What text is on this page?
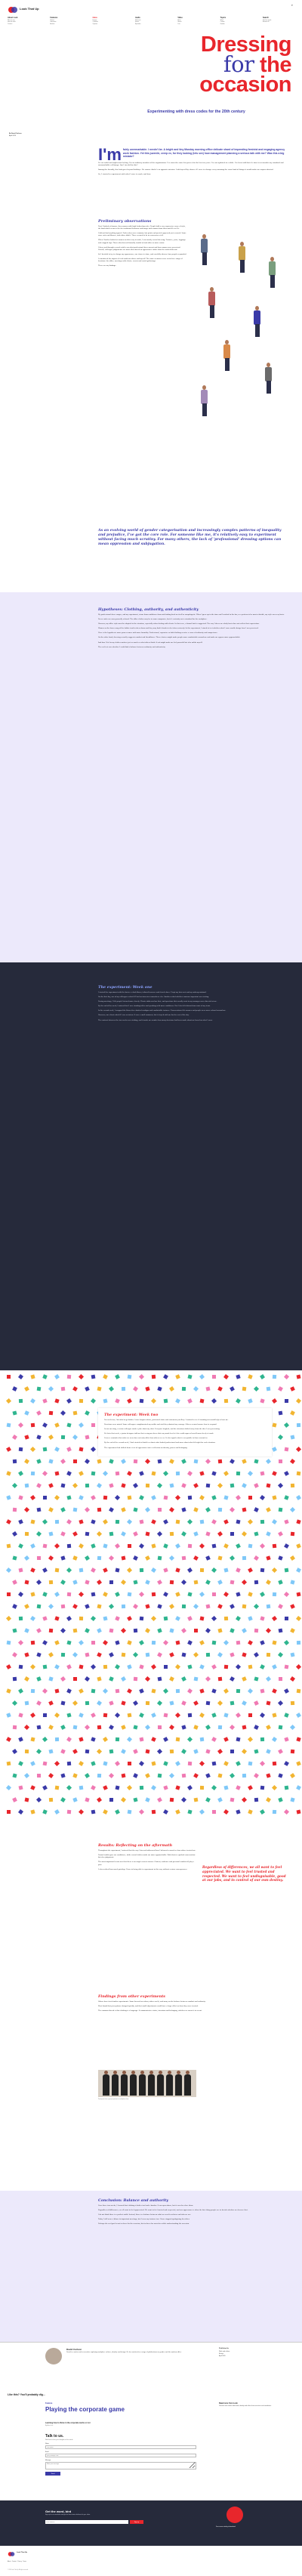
Look That Up
⌕
About Look
Who we are
How we work
Contact
Features
Stories
Interviews
Archive
Ideas
Essays
Columns
Opinion
Audio
Podcasts
Series
Episodes
Video
Films
Shorts
Live
Topics
Work
Culture
Gender
Search
Find an article
Browse all
Dressing
for the
occasion
Experimenting with dress codes for the 20th century
By David Carlson
April 2020
I'm fairly unremarkable. I needn't be. A bright and tiny Monday morning office delicate shard of impending feminist and engaging agency work fashion. Yet this juvenile, creep ex, for they looking (lets see) how management planning a serious talk with me? Was this a big mistake?

It's an awful and unpleasant feeling. I'm an ordinary member of the organization. I've worn the same few pieces for the last ten years. I've not updated in a while. I've been told that it's time to reconsider my standard and unremarkable self-image. Am I too old for this?

Among the friendly, this look goes beyond holidays. No sooner. And it's an opposite mission. I told myself by chance if I were to change every morning the same kind of things it would make me unprecedented.

So, I started to experiment with what I wore to work, and how.

Preliminary observations

First I looked at famous, then women with high leadership roles. People hold a very expressive sense of style, the kind which seems to be the traditional behavior and image with women from their mid-40s to 60s.

I did not find anything typical. Dark colors were common, but prints and pastels appeared just as much. Some wore suits and blazers, and others didn't. There seemed to be no consensus at all.

When I further looked at women on their way to work, I saw mostly casual dressing. Trainers, jeans, leggings and cropped tops. Those who dressed formally tended to look older or more senior.

I then read through several articles on what professional dress meant and how women were perceived. Overall, colleague judgements are most often based on appearance rather than the work delivered.

So I decided to try to change my appearance, one item at a time, and carefully observe how people responded.

I considered the impact of each outfit on others and myself. The same scenarios were tested in a range of locations: the office, meetings with clients, events and social gatherings.

These are my findings.

As an evolving world of gender categorisation and increasingly complex patterns of inequality and prejudice, I've got the core role. For someone like me, it's relatively easy to experiment without facing much scrutiny. For many others, the lack of 'professional' dressing options can mean oppression and subjugation.
Hypotheses: Clothing, authority, and authenticity

My professional dress ranges, and my experiment, stems from confidence from and looking back on itself or unapologetic. When I grew up in the time and I worked in the bar, as a pattern to be most relatable, my style was very basic.

Dress codes are now generally relaxed. The office clothes may be in some companies, but it's certainly not a standard for the workplace.

However, my office style must be adapted to the situation, especially when dealing with clients. In that case, a formal look is suggested. The way I dress on a daily basis does not reflect that expectation.

Women on the lower rung of the ladder tend to dress down and they may find it harder to be taken seriously. In this experiment, I aimed to test whether what I wore would change how I was perceived.

Here is the hypothesis: more power comes with more formality. Professional, expensive or bold clothing creates a sense of authority and competence.

On the other hand, dressing casually suggests comfort and friendliness. These choices might make people more comfortable around me and make me appear more approachable.

And how I feel in my clothes matters just as much as what others think. A suit might make me feel powerful but also unlike myself.

The real test was whether I could find a balance between authority and authenticity.

The experiment: Week one

I started the experiment with the basics: a dark blazer, tailored trousers and closed shoes. I kept my hair neat and my makeup minimal.

On the first day, one of my colleagues asked if I had an interview somewhere else. Another asked whether someone important was visiting.

During meetings, I felt people listened more closely. Clients addressed me first, and questions that usually went to my manager were directed at me.

By the end of the week, I noticed that I was standing taller and speaking with more confidence. But I also felt distant from some of my team.

In the second week, I swapped the blazer for a knitted cardigan and comfortable trainers. Conversations felt warmer and people were more relaxed around me.

However, one client asked if I was an intern. It was a small comment, but it stayed with me for the rest of the day.

The contrast between the two weeks was striking, and it made me wonder how many decisions had been made about me based on what I wore.

The experiment: Week two

For week two, I decided to go bolder. I wore bright colours, patterned shirts and statement jewellery. I wanted to see if standing out would help or hurt me.

Reactions were mixed. Some colleagues complimented my outfits and said they admired my courage. Others seemed unsure how to respond.

In one meeting, a senior colleague made a joke about my shirt. Everyone laughed, and the attention shifted away from the idea I was presenting.

Yet later that week, a junior designer told me that seeing me dress that way made her feel she could express herself more freely at work.

It was a reminder that what we wear does not only affect how others see us. It also signals what is acceptable to those around us.

By the end of the second week, I had started to think less about what looked professional and more about what felt right for each situation.

The experiment had shifted from a test of appearance into a reflection on identity, power and belonging.

Results: Reflecting on the aftermath

Throughout the experiment, I noticed that the way I dressed influenced how I behaved as much as how others treated me.

Formal outfits gave me confidence, while casual clothes made me more approachable. Bold choices sparked conversation but also judgement.

The most important lesson was that there is no single correct answer. Context, audience and personal comfort all play a part.

I also realised how much privilege I have in being able to experiment in this way without serious consequences.

Regardless of differences, we all want to feel appreciated. We want to feel trusted and respected. We want to feel undisguisable, good at our jobs, and in control of our own destiny.
Findings from other experiments

Others have tried similar experiments. Some focused on colour, others on fit, and many on the balance between comfort and authority.

Most found that perceptions changed quickly, and that small adjustments could have a large effect on how they were treated.

The common thread is that clothing is a language. It communicates status, intention and belonging, whether we mean it to or not.

Participants from a group experiment on workplace dress
Conclusion: Balance and authority

Over these two weeks, I learned that clothing is both a tool and a burden. It can open doors, but it can also close them.

Regardless of differences, we all want to feel appreciated. We want to feel trusted and respected, and our appearance is often the first thing people use to decide whether we deserve that.

I do not think there is a perfect outfit. Instead, there is a balance between what we need to achieve and who we are.

Today I still wear a blazer to important meetings, but I wear my trainers too. I have stopped apologising for either.

Perhaps the real goal is not to dress for the occasion, but to dress for ourselves while understanding the occasion.

David Carlson
David is a writer and researcher exploring workplace culture, identity and design. He has written for a range of publications on gender and the modern office.
Published in
Work and culture
Essays
April 2020
Like this? You'll probably dig...
Feature
Playing the corporate game
Learning how to thrive in the corporate world, or not
By Anna Lee
Read more from Look
Discover more stories about work, identity and culture from our writers and contributors.
Talk to us.
We'd love to hear your thoughts on this article.
Name
Your name
Email
you@example.com
Message
Write your message Send
Get the word, bird
Sign up for our newsletter and get the latest stories delivered to your inbox.
Email address
Sign up
Free career catalog to download
Look That Up
About · Contact · Privacy · Terms
© 2020 Look That Up. All rights reserved.
